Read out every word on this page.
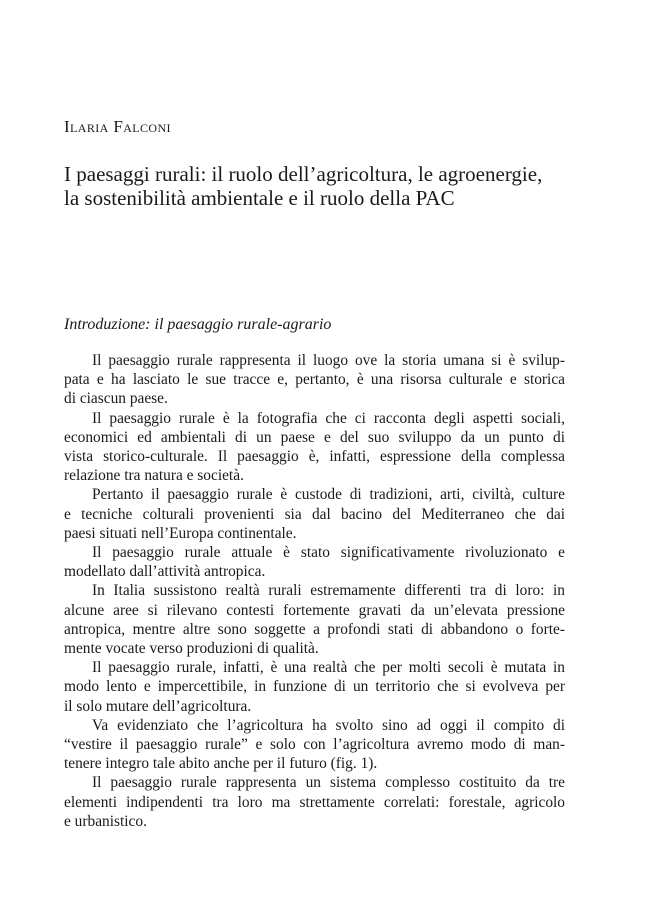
Ilaria Falconi
I paesaggi rurali: il ruolo dell’agricoltura, le agroenergie,
la sostenibilità ambientale e il ruolo della PAC
Introduzione: il paesaggio rurale-agrario

Il paesaggio rurale rappresenta il luogo ove la storia umana si è svilup-
pata e ha lasciato le sue tracce e, pertanto, è una risorsa culturale e storica
di ciascun paese.

Il paesaggio rurale è la fotografia che ci racconta degli aspetti sociali,
economici ed ambientali di un paese e del suo sviluppo da un punto di
vista storico-culturale. Il paesaggio è, infatti, espressione della complessa
relazione tra natura e società.

Pertanto il paesaggio rurale è custode di tradizioni, arti, civiltà, culture
e tecniche colturali provenienti sia dal bacino del Mediterraneo che dai
paesi situati nell’Europa continentale.

Il paesaggio rurale attuale è stato significativamente rivoluzionato e
modellato dall’attività antropica.

In Italia sussistono realtà rurali estremamente differenti tra di loro: in
alcune aree si rilevano contesti fortemente gravati da un’elevata pressione
antropica, mentre altre sono soggette a profondi stati di abbandono o forte-
mente vocate verso produzioni di qualità.

Il paesaggio rurale, infatti, è una realtà che per molti secoli è mutata in
modo lento e impercettibile, in funzione di un territorio che si evolveva per
il solo mutare dell’agricoltura.

Va evidenziato che l’agricoltura ha svolto sino ad oggi il compito di
“vestire il paesaggio rurale” e solo con l’agricoltura avremo modo di man-
tenere integro tale abito anche per il futuro (fig. 1).

Il paesaggio rurale rappresenta un sistema complesso costituito da tre
elementi indipendenti tra loro ma strettamente correlati: forestale, agricolo
e urbanistico.
